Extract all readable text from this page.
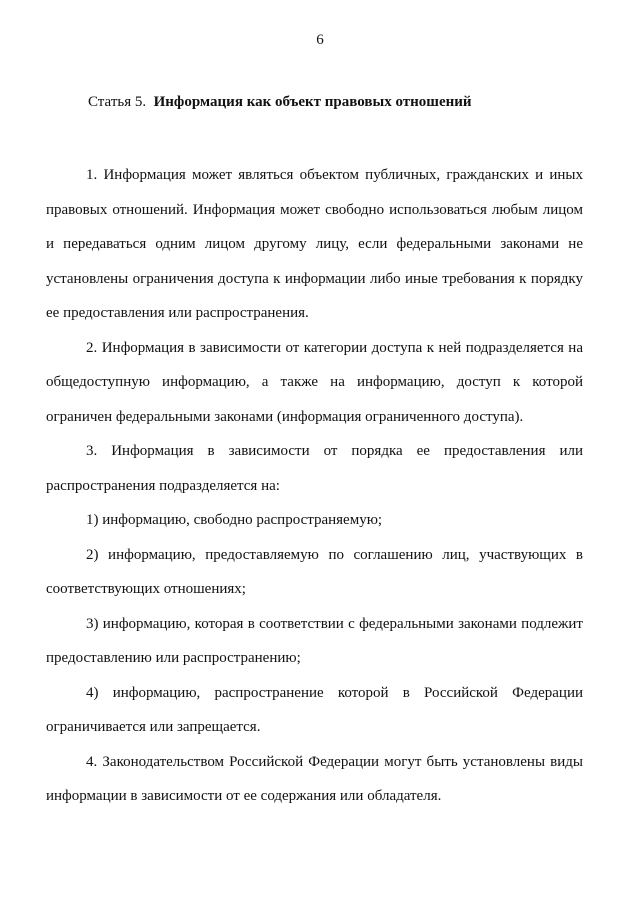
6
Статья 5. Информация как объект правовых отношений

1. Информация может являться объектом публичных, гражданских и иных правовых отношений. Информация может свободно использоваться любым лицом и передаваться одним лицом другому лицу, если федеральными законами не установлены ограничения доступа к информации либо иные требования к порядку ее предоставления или распространения.

2. Информация в зависимости от категории доступа к ней подразделяется на общедоступную информацию, а также на информацию, доступ к которой ограничен федеральными законами (информация ограниченного доступа).

3. Информация в зависимости от порядка ее предоставления или распространения подразделяется на:

1) информацию, свободно распространяемую;

2) информацию, предоставляемую по соглашению лиц, участвующих в соответствующих отношениях;

3) информацию, которая в соответствии с федеральными законами подлежит предоставлению или распространению;

4) информацию, распространение которой в Российской Федерации ограничивается или запрещается.

4. Законодательством Российской Федерации могут быть установлены виды информации в зависимости от ее содержания или обладателя.
